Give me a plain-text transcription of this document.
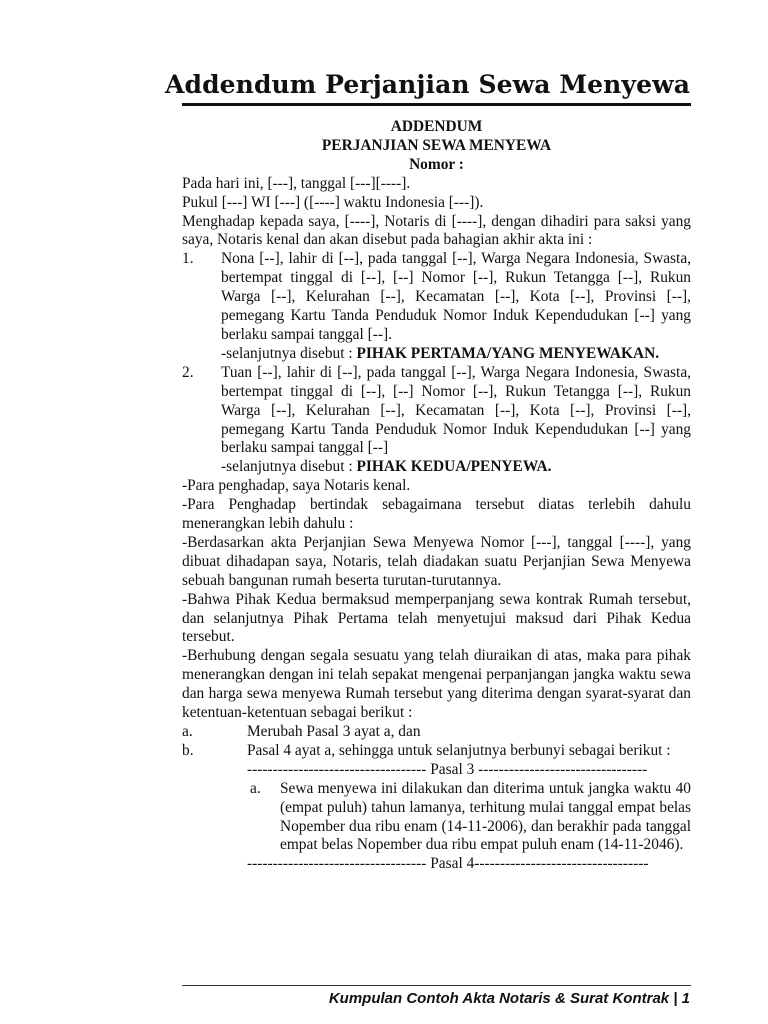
Addendum Perjanjian Sewa Menyewa
ADDENDUM
PERJANJIAN SEWA MENYEWA
Nomor :
Pada hari ini, [---], tanggal [---][----].
Pukul [---] WI [---] ([----] waktu Indonesia [---]).
Menghadap kepada saya, [----], Notaris di [----], dengan dihadiri para saksi yang saya, Notaris kenal dan akan disebut pada bahagian akhir akta ini :
1. Nona [--], lahir di [--], pada tanggal [--], Warga Negara Indonesia, Swasta, bertempat tinggal di [--], [--] Nomor [--], Rukun Tetangga [--], Rukun Warga [--], Kelurahan [--], Kecamatan [--], Kota [--], Provinsi [--], pemegang Kartu Tanda Penduduk Nomor Induk Kependudukan [--] yang berlaku sampai tanggal [--].
-selanjutnya disebut : PIHAK PERTAMA/YANG MENYEWAKAN.
2. Tuan [--], lahir di [--], pada tanggal [--], Warga Negara Indonesia, Swasta, bertempat tinggal di [--], [--] Nomor [--], Rukun Tetangga [--], Rukun Warga [--], Kelurahan [--], Kecamatan [--], Kota [--], Provinsi [--], pemegang Kartu Tanda Penduduk Nomor Induk Kependudukan [--] yang berlaku sampai tanggal [--]
-selanjutnya disebut : PIHAK KEDUA/PENYEWA.
-Para penghadap, saya Notaris kenal.
-Para Penghadap bertindak sebagaimana tersebut diatas terlebih dahulu menerangkan lebih dahulu :
-Berdasarkan akta Perjanjian Sewa Menyewa Nomor [---], tanggal [----], yang dibuat dihadapan saya, Notaris, telah diadakan suatu Perjanjian Sewa Menyewa sebuah bangunan rumah beserta turutan-turutannya.
-Bahwa Pihak Kedua bermaksud memperpanjang sewa kontrak Rumah tersebut, dan selanjutnya Pihak Pertama telah menyetujui maksud dari Pihak Kedua tersebut.
-Berhubung dengan segala sesuatu yang telah diuraikan di atas, maka para pihak menerangkan dengan ini telah sepakat mengenai perpanjangan jangka waktu sewa dan harga sewa menyewa Rumah tersebut yang diterima dengan syarat-syarat dan ketentuan-ketentuan sebagai berikut :
a.	Merubah Pasal 3 ayat a, dan
b.	Pasal 4 ayat a, sehingga untuk selanjutnya berbunyi sebagai berikut :
----------------------------------- Pasal 3 ---------------------------------
a. Sewa menyewa ini dilakukan dan diterima untuk jangka waktu 40 (empat puluh) tahun lamanya, terhitung mulai tanggal empat belas Nopember dua ribu enam (14-11-2006), dan berakhir pada tanggal empat belas Nopember dua ribu empat puluh enam (14-11-2046).
----------------------------------- Pasal 4----------------------------------
Kumpulan Contoh Akta Notaris & Surat Kontrak | 1
